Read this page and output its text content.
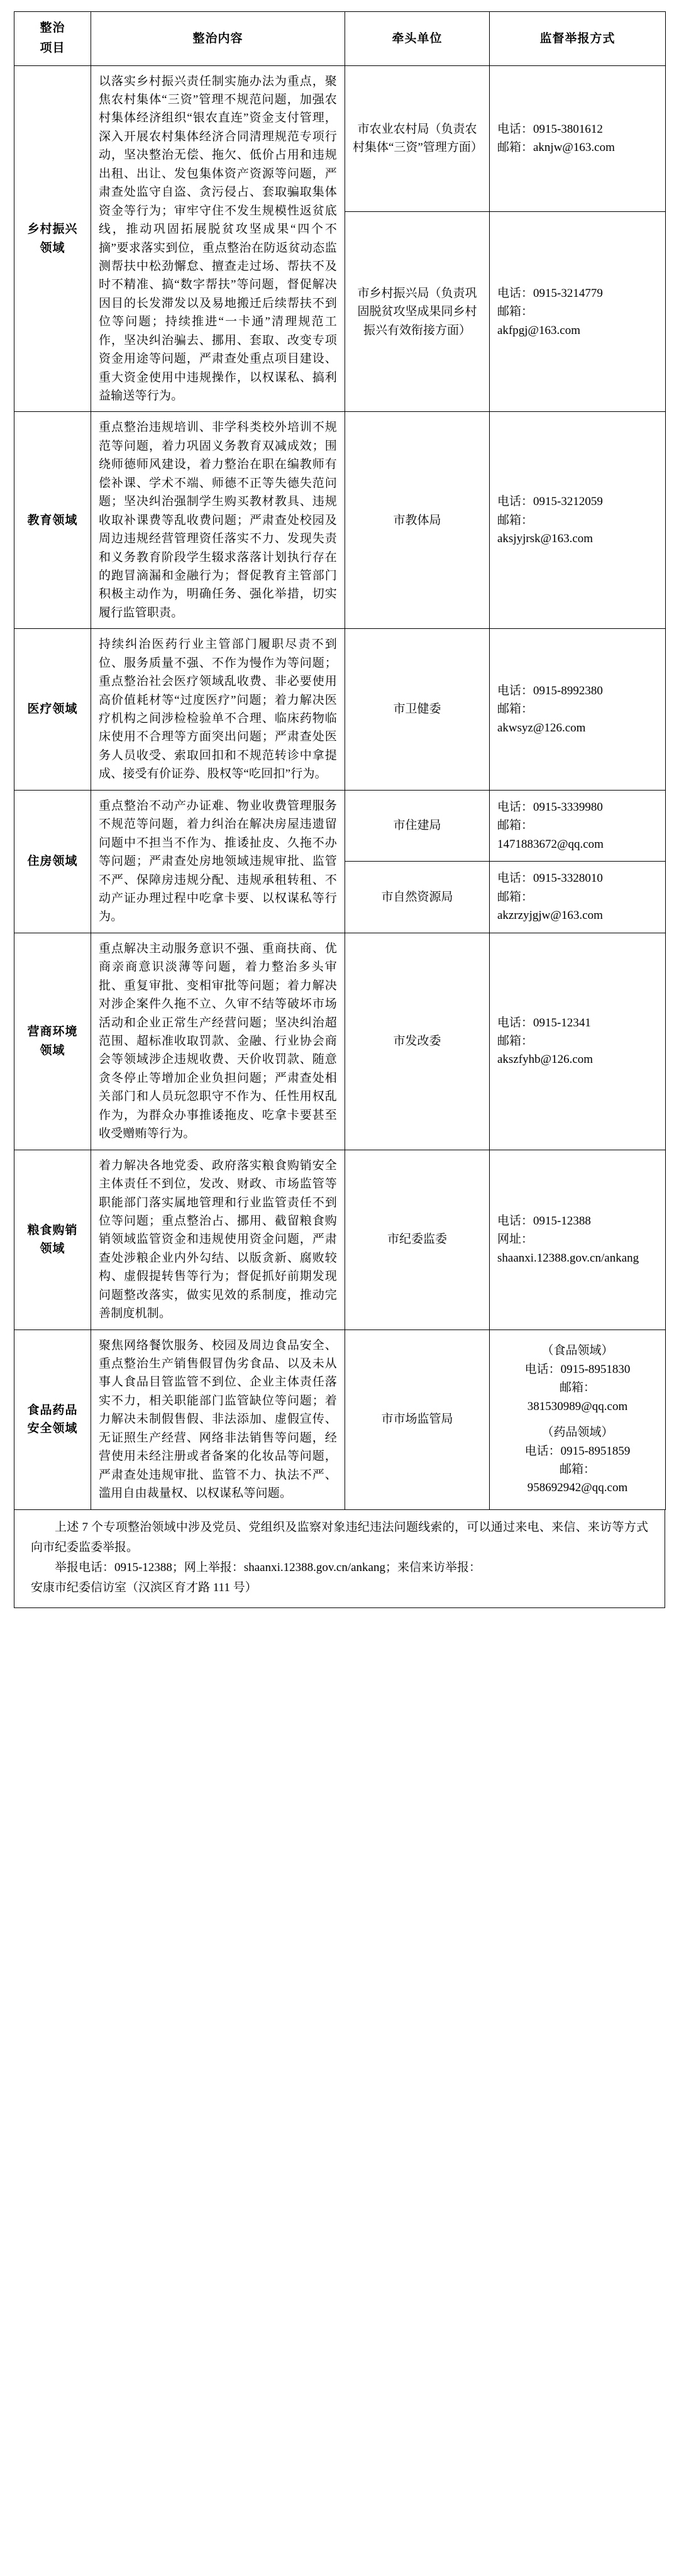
整治
项目	整治内容	牵头单位	监督举报方式
乡村振兴领域	以落实乡村振兴责任制实施办法为重点，聚焦农村集体“三资”管理不规范问题，加强农村集体经济组织“银农直连”资金支付管理，深入开展农村集体经济合同清理规范专项行动，坚决整治无偿、拖欠、低价占用和违规出租、出让、发包集体资产资源等问题，严肃查处监守自盗、贪污侵占、套取骗取集体资金等行为；审牢守住不发生规模性返贫底线，推动巩固拓展脱贫攻坚成果“四个不摘”要求落实到位，重点整治在防返贫动态监测帮扶中松劲懈怠、擅查走过场、帮扶不及时不精准、搞“数字帮扶”等问题，督促解决因目的长发滞发以及易地搬迁后续帮扶不到位等问题；持续推进“一卡通”清理规范工作，坚决纠治骗去、挪用、套取、改变专项资金用途等问题，严肃查处重点项目建设、重大资金使用中违规操作，以权谋私、搞利益输送等行为。	市农业农村局（负责农村集体“三资”管理方面）	电话：0915-3801612
邮箱：aknjw@163.com

		市乡村振兴局（负责巩固脱贫攻坚成果同乡村振兴有效衔接方面）	电话：0915-3214779
邮箱：
akfpgj@163.com

教育领域	重点整治违规培训、非学科类校外培训不规范等问题，着力巩固义务教育双减成效；围绕师德师风建设，着力整治在职在编教师有偿补课、学术不端、师德不正等失德失范问题；坚决纠治强制学生购买教材教具、违规收取补课费等乱收费问题；严肃查处校园及周边违规经营管理资任落实不力、发现失责和义务教育阶段学生辍求落落计划执行存在的跑冒滴漏和金融行为；督促教育主管部门积极主动作为，明确任务、强化举措，切实履行监管职责。	市教体局	电话：0915-3212059
邮箱：
aksjyjrsk@163.com

医疗领域	持续纠治医药行业主管部门履职尽责不到位、服务质量不强、不作为慢作为等问题；重点整治社会医疗领域乱收费、非必要使用高价值耗材等“过度医疗”问题；着力解决医疗机构之间涉检检验单不合理、临床药物临床使用不合理等方面突出问题；严肃查处医务人员收受、索取回扣和不规范转诊中拿提成、接受有价证券、股权等“吃回扣”行为。	市卫健委	电话：0915-8992380
邮箱：
akwsyz@126.com

住房领域	重点整治不动产办证难、物业收费管理服务不规范等问题，着力纠治在解决房屋违遗留问题中不担当不作为、推诿扯皮、久拖不办等问题；严肃查处房地领域违规审批、监管不严、保障房违规分配、违规承租转租、不动产证办理过程中吃拿卡要、以权谋私等行为。	市住建局	电话：0915-3339980
邮箱：
1471883672@qq.com

		市自然资源局	电话：0915-3328010
邮箱：
akzrzyjgjw@163.com

营商环境领域	重点解决主动服务意识不强、重商扶商、优商亲商意识淡薄等问题，着力整治多头审批、重复审批、变相审批等问题；着力解决对涉企案件久拖不立、久审不结等破坏市场活动和企业正常生产经营问题；坚决纠治超范围、超标准收取罚款、金融、行业协会商会等领域涉企违规收费、天价收罚款、随意贪冬停止等增加企业负担问题；严肃查处相关部门和人员玩忽职守不作为、任性用权乱作为，为群众办事推诿拖皮、吃拿卡要甚至收受赠贿等行为。	市发改委	电话：0915-12341
邮箱：
akszfyhb@126.com

粮食购销领域	着力解决各地党委、政府落实粮食购销安全主体责任不到位，发改、财政、市场监管等职能部门落实属地管理和行业监管责任不到位等问题；重点整治占、挪用、截留粮食购销领域监管资金和违规使用资金问题，严肃查处涉粮企业内外勾结、以版贪新、腐败较构、虚假提转售等行为；督促抓好前期发现问题整改落实，做实见效的系制度，推动完善制度机制。	市纪委监委	电话：0915-12388
网址：
shaanxi.12388.gov.cn/ankang

食品药品安全领域	聚焦网络餐饮服务、校园及周边食品安全、重点整治生产销售假冒伪劣食品、以及未从事人食品目管监管不到位、企业主体责任落实不力，相关职能部门监管缺位等问题；着力解决未制假售假、非法添加、虚假宣传、无证照生产经营、网络非法销售等问题，经营使用未经注册或者备案的化妆品等问题，严肃查处违规审批、监管不力、执法不严、滥用自由裁量权、以权谋私等问题。	市市场监管局	
（食品领域）
电话：0915-8951830
邮箱：
381530989@qq.com
（药品领域）
电话：0915-8951859
邮箱：
958692942@qq.com
上述 7 个专项整治领域中涉及党员、党组织及监察对象违纪违法问题线索的，可以通过来电、来信、来访等方式向市纪委监委举报。
举报电话：0915-12388；网上举报：shaanxi.12388.gov.cn/ankang；来信来访举报：
安康市纪委信访室（汉滨区育才路 111 号）
